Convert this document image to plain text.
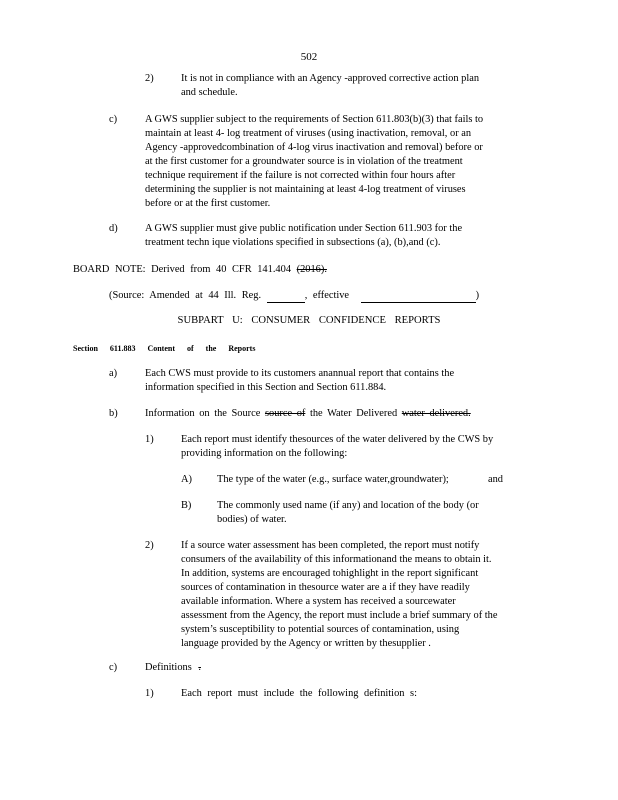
502
2)	It is not in compliance with an Agency -approved corrective action plan
and schedule.
c)	A GWS supplier subject to the requirements of Section 611.803(b)(3) that fails to
maintain at least 4- log treatment of viruses (using inactivation, removal, or an
Agency -approvedcombination of 4-log virus inactivation and removal) before or
at the first customer for a groundwater source is in violation of the treatment
technique requirement if the failure is not corrected within four hours after
determining the supplier is not maintaining at least 4-log treatment of viruses
before or at the first customer.
d)	A GWS supplier must give public notification under Section 611.903 for the
treatment techn ique violations specified in subsections (a), (b),and (c).
BOARD NOTE: Derived from 40 CFR 141.404 (2016).
(Source: Amended at 44 Ill. Reg.	, effective	)
SUBPART U: CONSUMER CONFIDENCE REPORTS
Section 611.883 Content of the Reports
a)	Each CWS must provide to its customers anannual report that contains the
information specified in this Section and Section 611.884.
b)	Information on the Source source of the Water Delivered water delivered.
1)	Each report must identify thesources of the water delivered by the CWS by
providing information on the following:
A) The type of the water (e.g., surface water,groundwater);	and
B) The commonly used name (if any) and location of the body (or
bodies) of water.
2)	If a source water assessment has been completed, the report must notify
consumers of the availability of this informationand the means to obtain it.
In addition, systems are encouraged tohighlight in the report significant
sources of contamination in thesource water are a if they have readily
available information. Where a system has received a sourcewater
assessment from the Agency, the report must include a brief summary of the
system’s susceptibility to potential sources of contamination, using
language provided by the Agency or written by thesupplier .
c)	Definitions .
1)	Each report must include the following definition s:
